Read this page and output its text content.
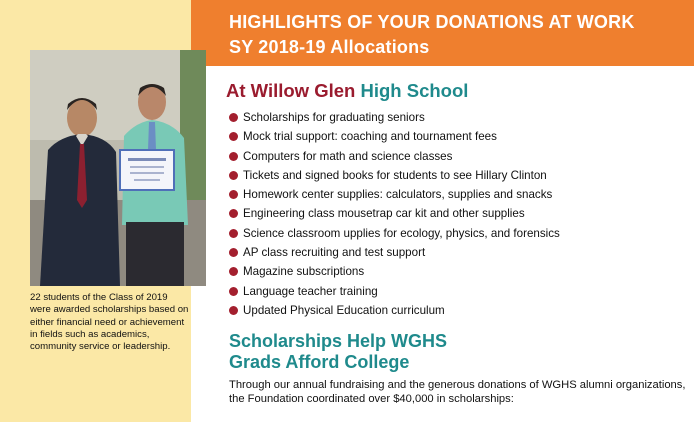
HIGHLIGHTS OF YOUR DONATIONS AT WORK
SY 2018-19 Allocations

22 students of the Class of 2019 were awarded scholarships based on either financial need or achievement in fields such as academics, community service or leadership.

At Willow Glen High School
Scholarships for graduating seniors
Mock trial support: coaching and tournament fees
Computers for math and science classes
Tickets and signed books for students to see Hillary Clinton
Homework center supplies: calculators, supplies and snacks
Engineering class mousetrap car kit and other supplies
Science classroom upplies for ecology, physics, and forensics
AP class recruiting and test support
Magazine subscriptions
Language teacher training
Updated Physical Education curriculum
Scholarships Help WGHS
Grads Afford College

Through our annual fundraising and the generous donations of WGHS alumni organizations, the Foundation coordinated over $40,000 in scholarships:
